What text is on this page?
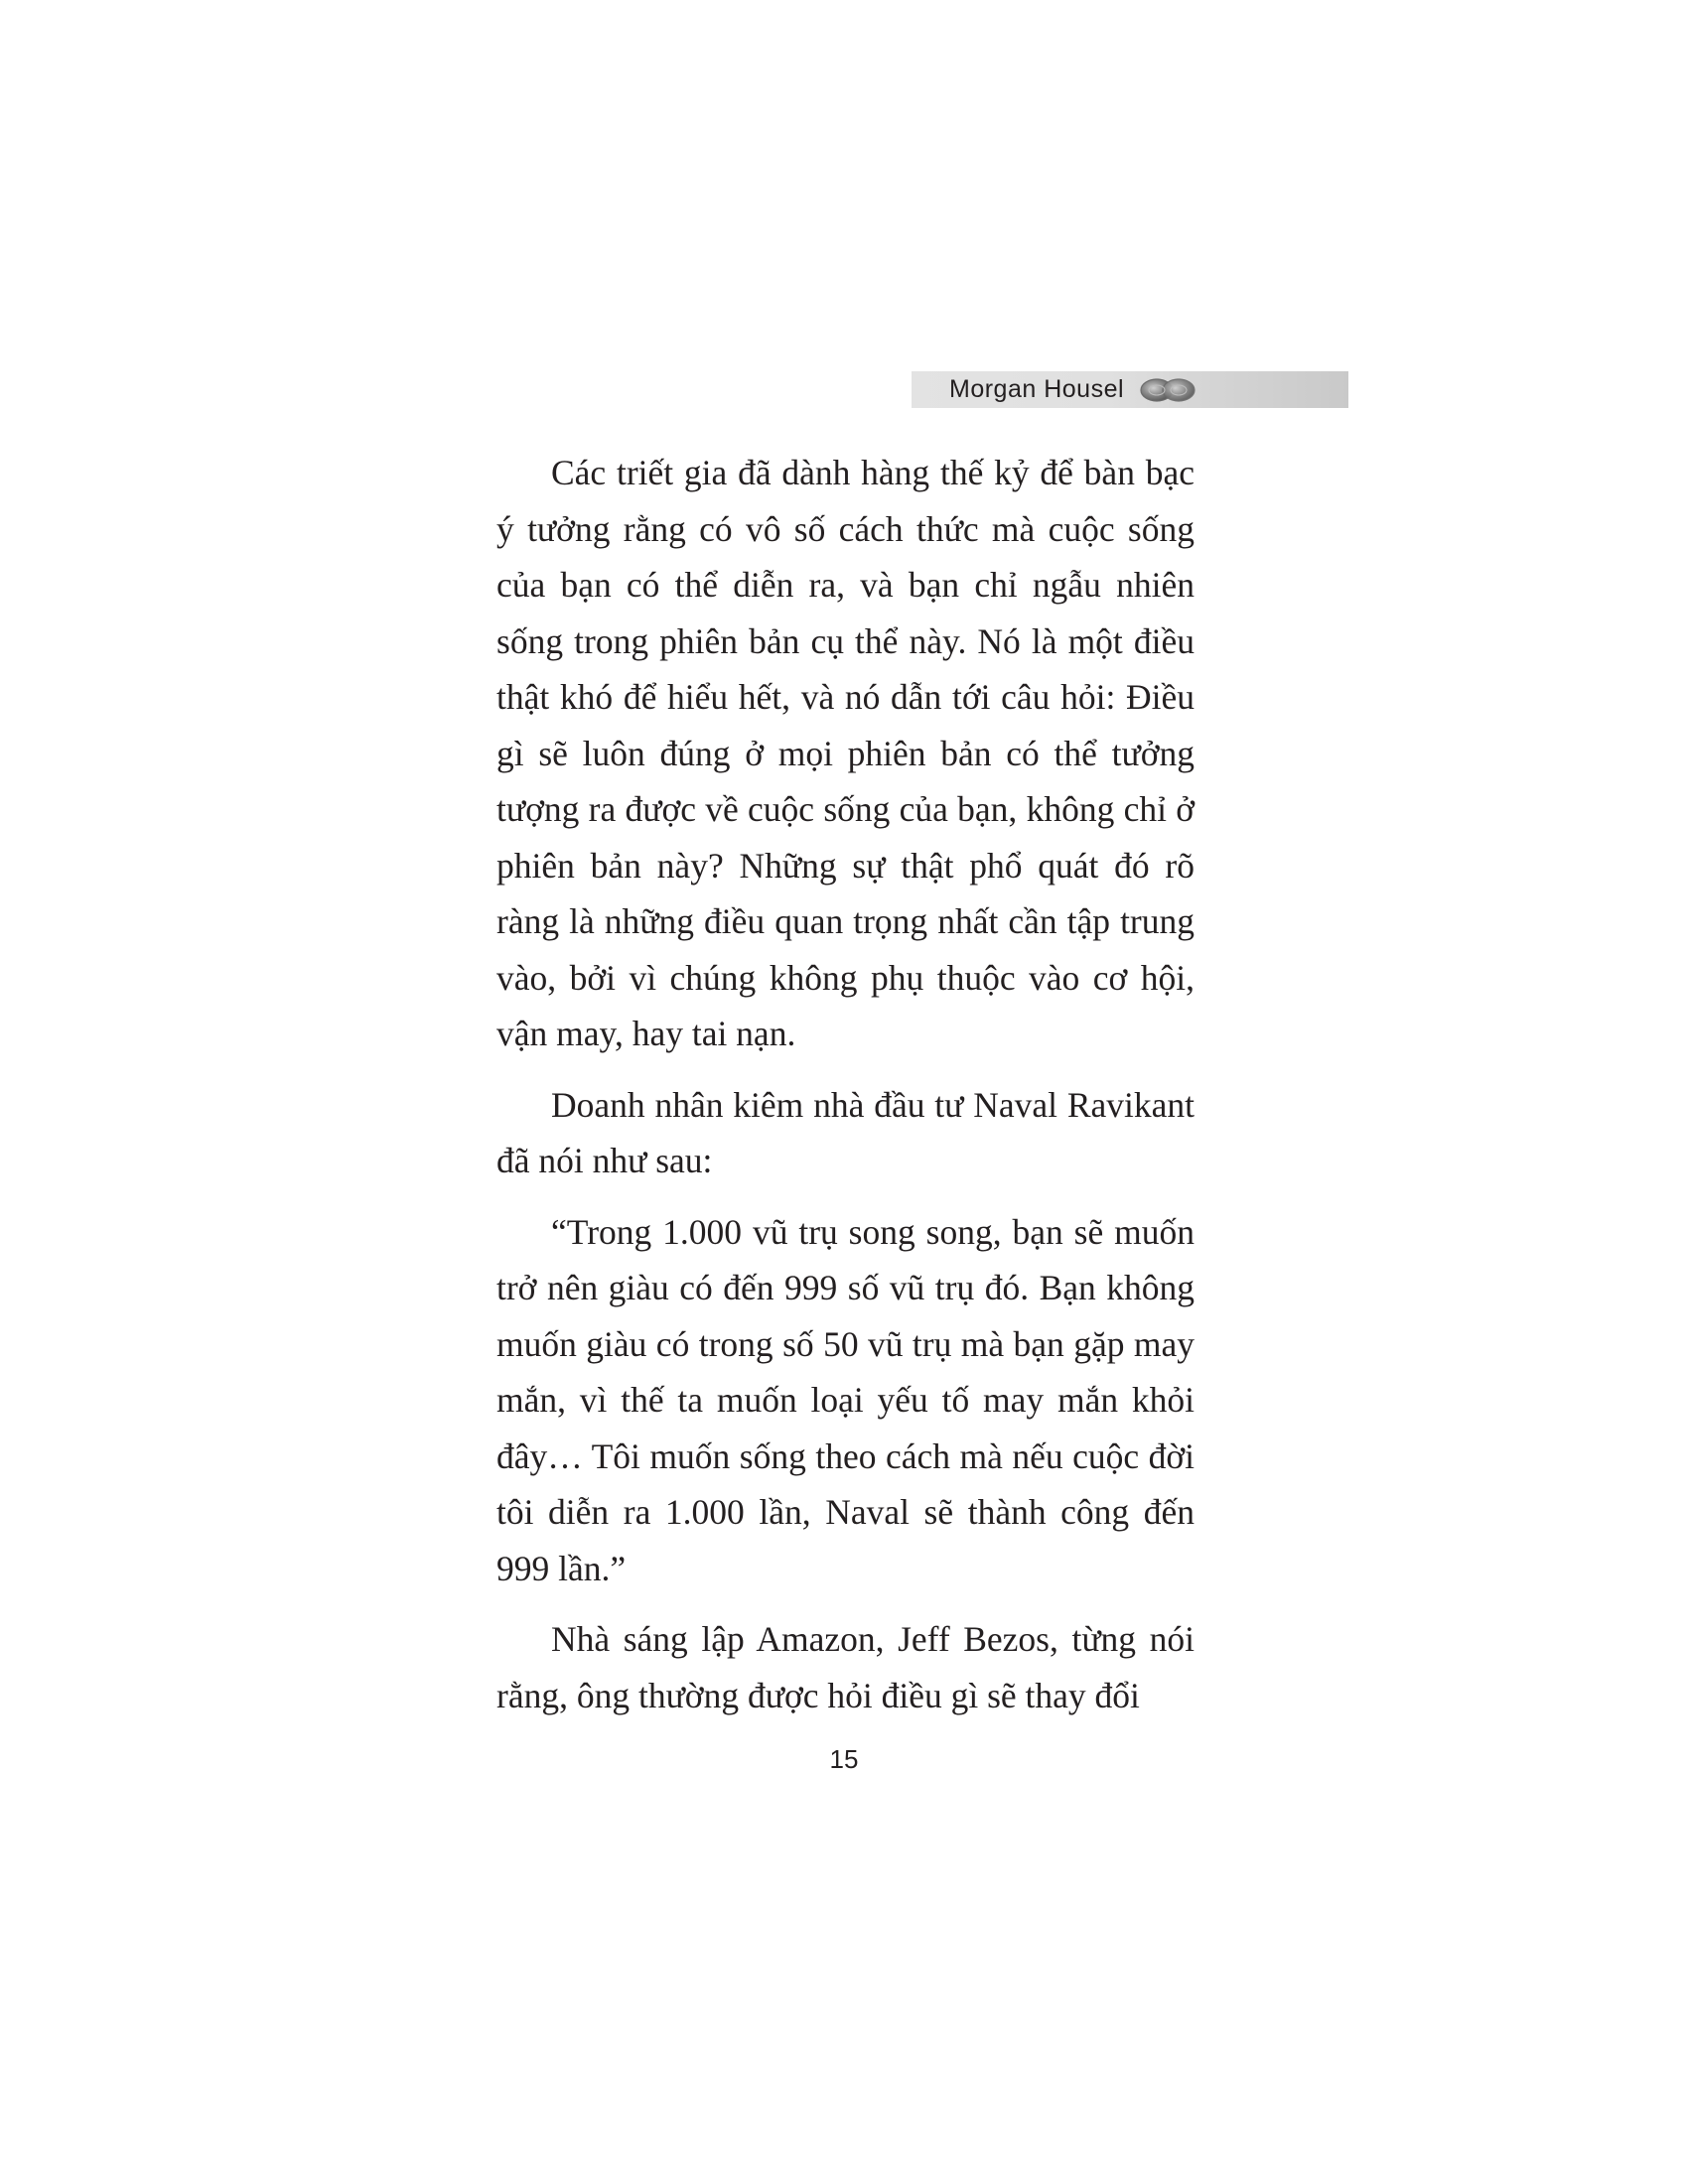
Morgan Housel

Các triết gia đã dành hàng thế kỷ để bàn bạc ý tưởng rằng có vô số cách thức mà cuộc sống của bạn có thể diễn ra, và bạn chỉ ngẫu nhiên sống trong phiên bản cụ thể này. Nó là một điều thật khó để hiểu hết, và nó dẫn tới câu hỏi: Điều gì sẽ luôn đúng ở mọi phiên bản có thể tưởng tượng ra được về cuộc sống của bạn, không chỉ ở phiên bản này? Những sự thật phổ quát đó rõ ràng là những điều quan trọng nhất cần tập trung vào, bởi vì chúng không phụ thuộc vào cơ hội, vận may, hay tai nạn.

Doanh nhân kiêm nhà đầu tư Naval Ravikant đã nói như sau:

“Trong 1.000 vũ trụ song song, bạn sẽ muốn trở nên giàu có đến 999 số vũ trụ đó. Bạn không muốn giàu có trong số 50 vũ trụ mà bạn gặp may mắn, vì thế ta muốn loại yếu tố may mắn khỏi đây… Tôi muốn sống theo cách mà nếu cuộc đời tôi diễn ra 1.000 lần, Naval sẽ thành công đến 999 lần.”

Nhà sáng lập Amazon, Jeff Bezos, từng nói rằng, ông thường được hỏi điều gì sẽ thay đổi

15
